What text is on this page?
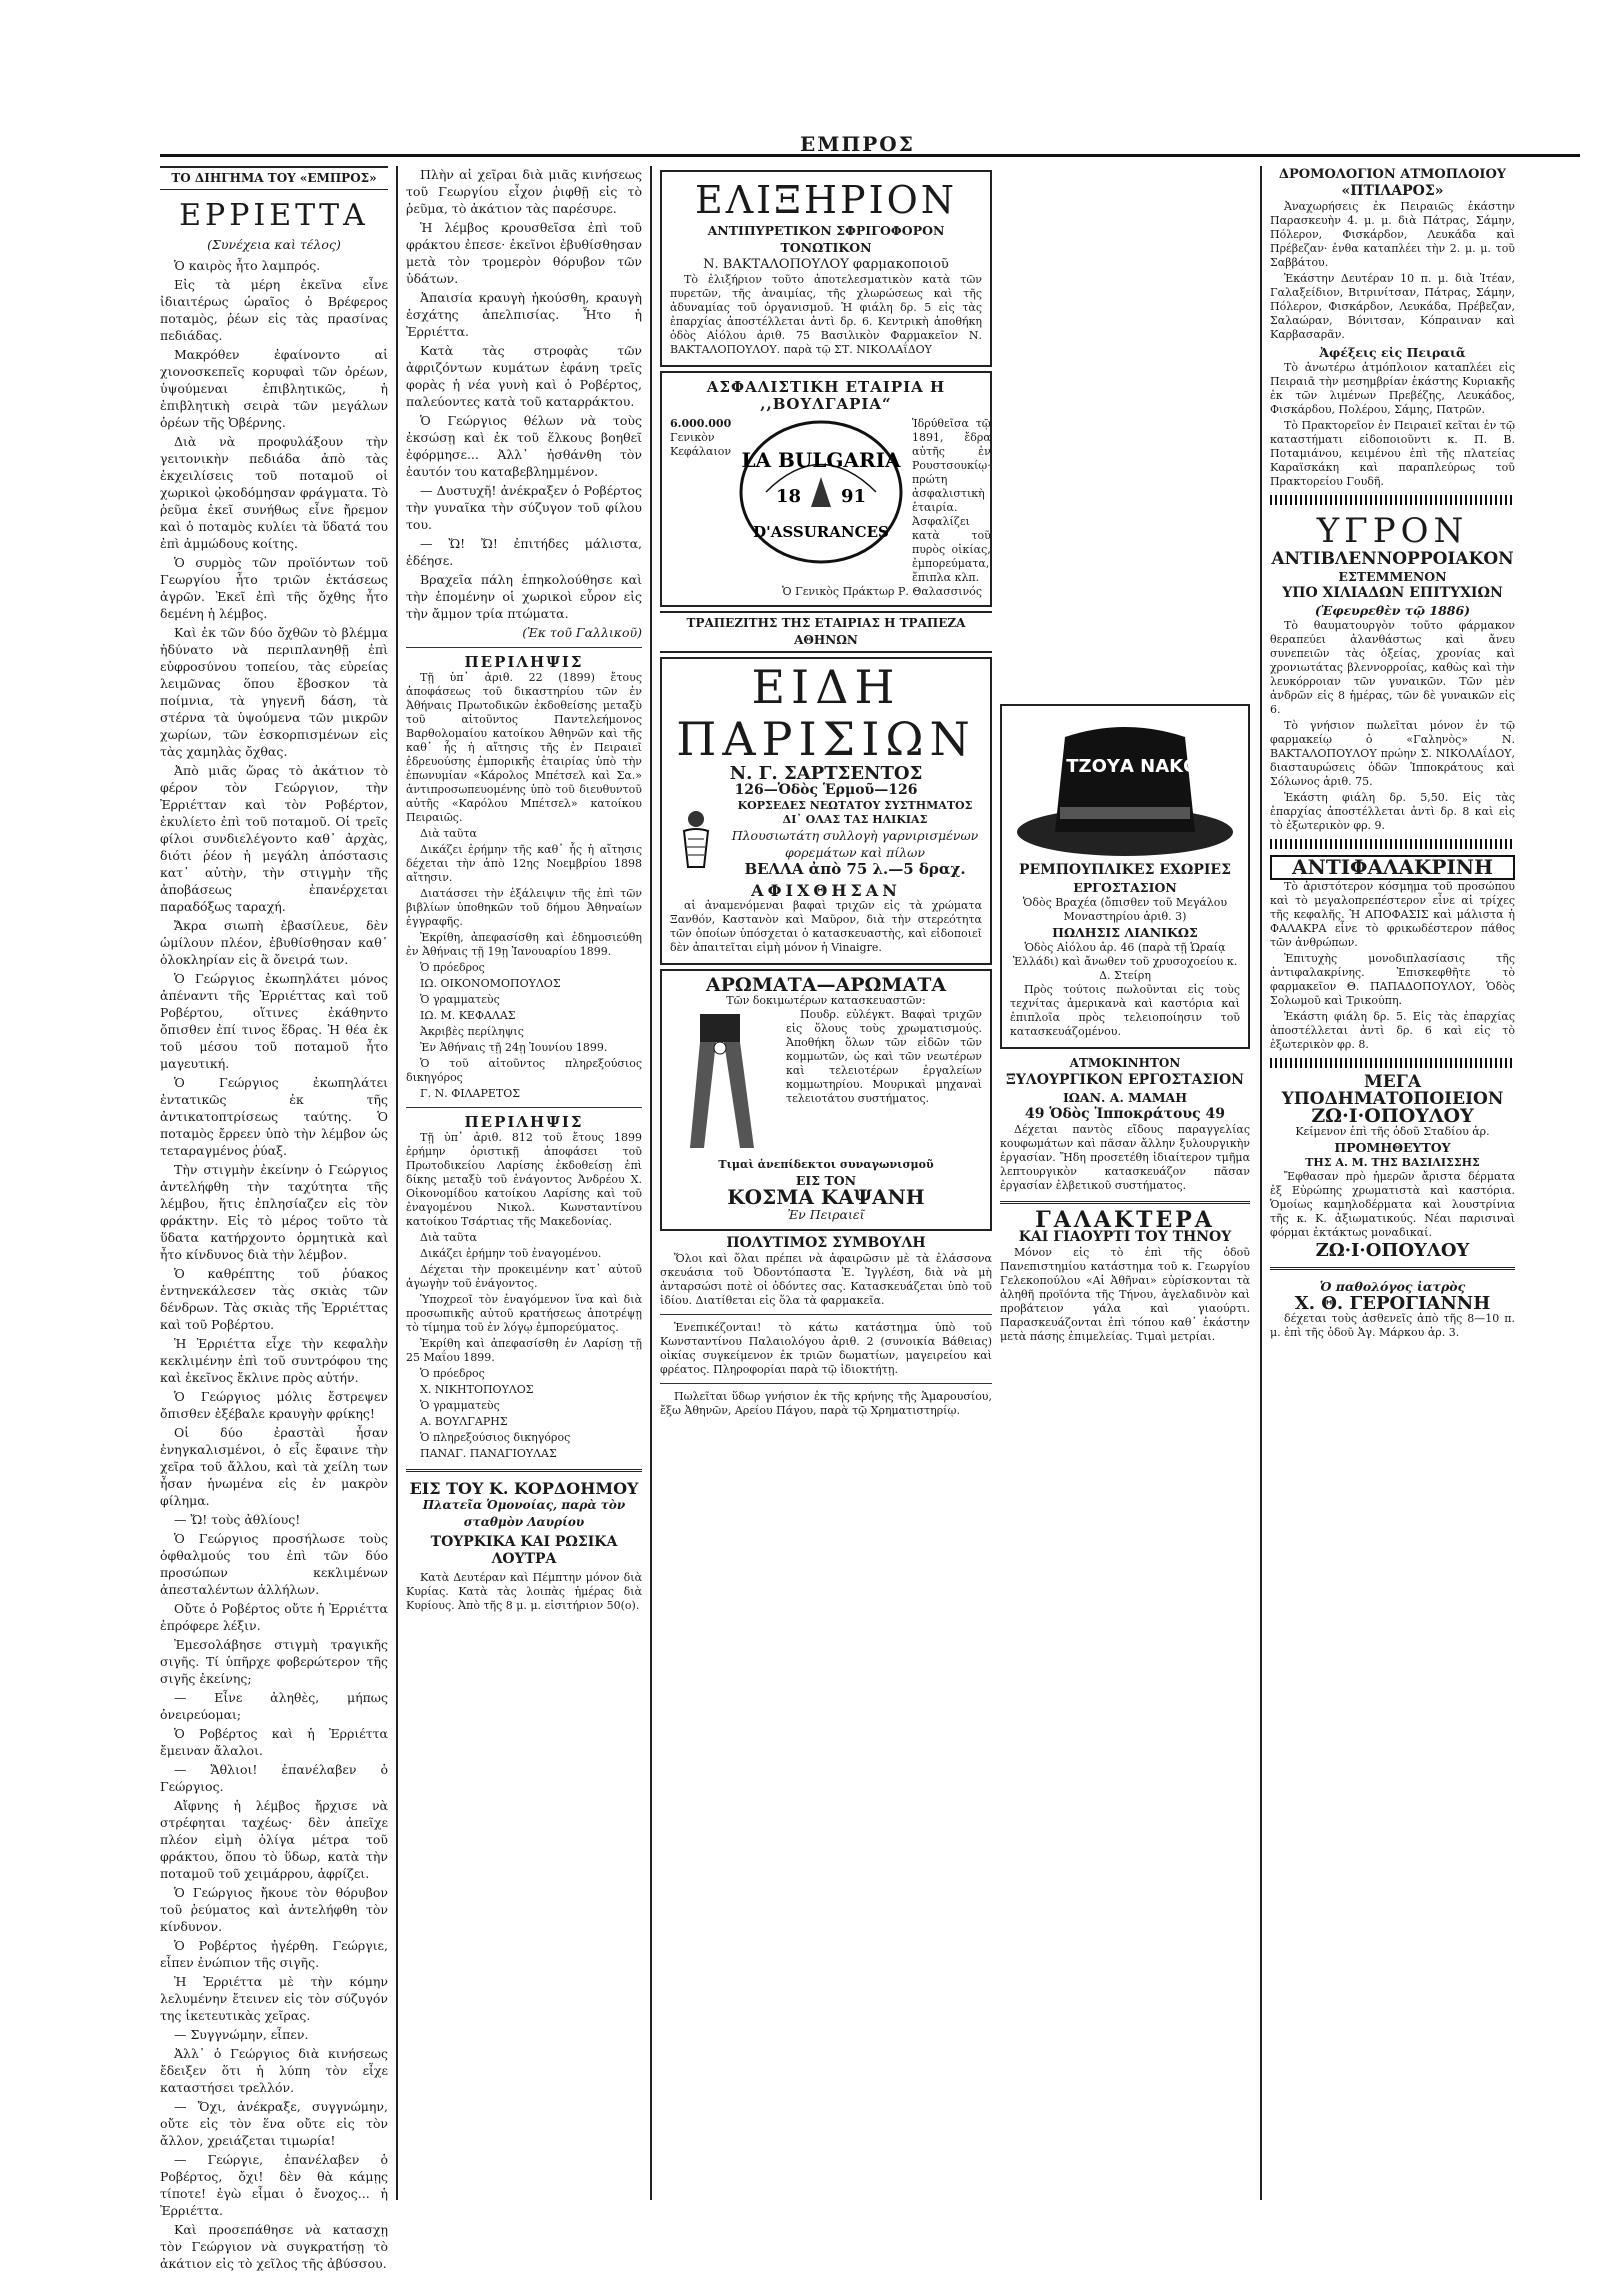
ΕΜΠΡΟΣ
ΤΟ ΔΙΗΓΗΜΑ ΤΟΥ «ΕΜΠΡΟΣ»
ΕΡΡΙΕΤΤΑ
(Συνέχεια καὶ τέλος)

Ὁ καιρὸς ἦτο λαμπρός.

Εἰς τὰ μέρη ἐκεῖνα εἶνε ἰδιαιτέρως ὡραῖος ὁ Βρέφερος ποταμὸς, ῥέων εἰς τὰς πρασίνας πεδιάδας.

Μακρόθεν ἐφαίνοντο αἱ χιονοσκεπεῖς κορυφαὶ τῶν ὀρέων, ὑψούμεναι ἐπιβλητικῶς, ἡ ἐπιβλητικὴ σειρὰ τῶν μεγάλων ὀρέων τῆς Ὀβέρνης.

Διὰ νὰ προφυλάξουν τὴν γειτονικὴν πεδιάδα ἀπὸ τὰς ἐκχειλίσεις τοῦ ποταμοῦ οἱ χωρικοὶ ᾠκοδόμησαν φράγματα. Τὸ ῥεῦμα ἐκεῖ συνήθως εἶνε ἤρεμον καὶ ὁ ποταμὸς κυλίει τὰ ὕδατά του ἐπὶ ἀμμώδους κοίτης.

Ὁ συρμὸς τῶν προϊόντων τοῦ Γεωργίου ἦτο τριῶν ἐκτάσεως ἀγρῶν. Ἐκεῖ ἐπὶ τῆς ὄχθης ἦτο δεμένη ἡ λέμβος.

Καὶ ἐκ τῶν δύο ὄχθῶν τὸ βλέμμα ἠδύνατο νὰ περιπλανηθῇ ἐπὶ εὐφροσύνου τοπείου, τὰς εὐρείας λειμῶνας ὅπου ἔβοσκον τὰ ποίμνια, τὰ γηγενῆ δάση, τὰ στέρνα τὰ ὑψούμενα τῶν μικρῶν χωρίων, τῶν ἐσκορπισμένων εἰς τὰς χαμηλὰς ὄχθας.

Ἀπὸ μιᾶς ὥρας τὸ ἀκάτιον τὸ φέρον τὸν Γεώργιον, τὴν Ἐρριέτταν καὶ τὸν Ροβέρτον, ἐκυλίετο ἐπὶ τοῦ ποταμοῦ. Οἱ τρεῖς φίλοι συνδιελέγοντο καθ᾿ ἀρχὰς, διότι ῥέον ἡ μεγάλη ἀπόστασις κατ᾿ αὐτὴν, τὴν στιγμὴν τῆς ἀποβάσεως ἐπανέρχεται παραδόξως ταραχή.

Ἄκρα σιωπὴ ἐβασίλευε, δὲν ὡμίλουν πλέον, ἐβυθίσθησαν καθ᾿ ὁλοκληρίαν εἰς ἃ ὄνειρά των.

Ὁ Γεώργιος ἐκωπηλάτει μόνος ἀπέναντι τῆς Ἐρριέττας καὶ τοῦ Ροβέρτου, οἵτινες ἐκάθηντο ὄπισθεν ἐπί τινος ἕδρας. Ἡ θέα ἐκ τοῦ μέσου τοῦ ποταμοῦ ἦτο μαγευτική.

Ὁ Γεώργιος ἐκωπηλάτει ἐντατικῶς ἐκ τῆς ἀντικατοπτρίσεως ταύτης. Ὁ ποταμὸς ἔρρεεν ὑπὸ τὴν λέμβον ὡς τεταραγμένος ῥύαξ.

Τὴν στιγμὴν ἐκείνην ὁ Γεώργιος ἀντελήφθη τὴν ταχύτητα τῆς λέμβου, ἥτις ἐπλησίαζεν εἰς τὸν φράκτην. Εἰς τὸ μέρος τοῦτο τὰ ὕδατα κατήρχοντο ὁρμητικὰ καὶ ἦτο κίνδυνος διὰ τὴν λέμβον.

Ὁ καθρέπτης τοῦ ῥύακος ἐντηνεκάλεσεν τὰς σκιὰς τῶν δένδρων. Τὰς σκιὰς τῆς Ἐρριέττας καὶ τοῦ Ροβέρτου.

Ἡ Ἐρριέττα εἶχε τὴν κεφαλὴν κεκλιμένην ἐπὶ τοῦ συντρόφου της καὶ ἐκεῖνος ἔκλινε πρὸς αὐτήν.

Ὁ Γεώργιος μόλις ἔστρεψεν ὄπισθεν ἐξέβαλε κραυγὴν φρίκης!

Οἱ δύο ἐραστὰὶ ἦσαν ἐνηγκαλισμένοι, ὁ εἷς ἔφαινε τὴν χεῖρα τοῦ ἄλλου, καὶ τὰ χείλη των ἦσαν ἡνωμένα εἰς ἐν μακρὸν φίλημα.

— Ὤ! τοὺς ἀθλίους!

Ὁ Γεώργιος προσήλωσε τοὺς ὀφθαλμούς του ἐπὶ τῶν δύο προσώπων κεκλιμένων ἀπεσταλέντων ἀλλήλων.

Οὔτε ὁ Ροβέρτος οὔτε ἡ Ἐρριέττα ἐπρόφερε λέξιν.

Ἐμεσολάβησε στιγμὴ τραγικῆς σιγῆς. Τί ὑπῆρχε φοβερώτερον τῆς σιγῆς ἐκείνης;

— Εἶνε ἀληθὲς, μήπως ὀνειρεύομαι;

Ὁ Ροβέρτος καὶ ἡ Ἐρριέττα ἔμειναν ἄλαλοι.

— Ἄθλιοι! ἐπανέλαβεν ὁ Γεώργιος.

Αἴφνης ἡ λέμβος ἤρχισε νὰ στρέφηται ταχέως· δὲν ἀπεῖχε πλέον εἰμὴ ὀλίγα μέτρα τοῦ φράκτου, ὅπου τὸ ὕδωρ, κατὰ τὴν ποταμοῦ τοῦ χειμάρρου, ἀφρίζει.

Ὁ Γεώργιος ἤκουε τὸν θόρυβον τοῦ ῥεύματος καὶ ἀντελήφθη τὸν κίνδυνον.

Ὁ Ροβέρτος ἠγέρθη. Γεώργιε, εἶπεν ἐνώπιον τῆς σιγῆς.

Ἡ Ἐρριέττα μὲ τὴν κόμην λελυμένην ἔτεινεν εἰς τὸν σύζυγόν της ἱκετευτικὰς χεῖρας.

— Συγγνώμην, εἶπεν.

Ἀλλ᾿ ὁ Γεώργιος διὰ κινήσεως ἔδειξεν ὅτι ἡ λύπη τὸν εἶχε καταστήσει τρελλόν.

— Ὄχι, ἀνέκραξε, συγγνώμην, οὔτε εἰς τὸν ἕνα οὔτε εἰς τὸν ἄλλον, χρειάζεται τιμωρία!

— Γεώργιε, ἐπανέλαβεν ὁ Ροβέρτος, ὄχι! δὲν θὰ κάμῃς τίποτε! ἐγὼ εἶμαι ὁ ἔνοχος... ἡ Ἐρριέττα.

Καὶ προσεπάθησε νὰ κατασχῃ τὸν Γεώργιον νὰ συγκρατήσῃ τὸ ἀκάτιον εἰς τὸ χεῖλος τῆς ἀβύσσου.

Πλὴν αἱ χεῖραι διὰ μιᾶς κινήσεως τοῦ Γεωργίου εἶχον ῥιφθῇ εἰς τὸ ῥεῦμα, τὸ ἀκάτιον τὰς παρέσυρε.

Ἡ λέμβος κρουσθεῖσα ἐπὶ τοῦ φράκτου ἐπεσε· ἐκεῖνοι ἐβυθίσθησαν μετὰ τὸν τρομερὸν θόρυβον τῶν ὑδάτων.

Ἀπαισία κραυγὴ ἠκούσθη, κραυγὴ ἐσχάτης ἀπελπισίας. Ἦτο ἡ Ἐρριέττα.

Κατὰ τὰς στροφὰς τῶν ἀφριζόντων κυμάτων ἐφάνη τρεῖς φορὰς ἡ νέα γυνὴ καὶ ὁ Ροβέρτος, παλεύοντες κατὰ τοῦ καταρράκτου.

Ὁ Γεώργιος θέλων νὰ τοὺς ἐκσώσῃ καὶ ἐκ τοῦ ἕλκους βοηθεῖ ἐφόρμησε... Ἀλλ᾿ ἠσθάνθη τὸν ἑαυτόν του καταβεβλημμένον.

— Δυστυχῆ! ἀνέκραξεν ὁ Ροβέρτος τὴν γυναῖκα τὴν σύζυγον τοῦ φίλου του.

— Ὤ! Ὤ! ἐπιτήδες μάλιστα, ἐδέησε.

Βραχεῖα πάλη ἐπηκολούθησε καὶ τὴν ἑπομένην οἱ χωρικοὶ εὗρον εἰς τὴν ἄμμον τρία πτώματα.

(Ἐκ τοῦ Γαλλικοῦ)
ΠΕΡΙΛΗΨΙΣ

Τῇ ὑπ᾿ ἀριθ. 22 (1899) ἔτους ἀποφάσεως τοῦ δικαστηρίου τῶν ἐν Ἀθήναις Πρωτοδικῶν ἐκδοθείσης μεταξὺ τοῦ αἰτοῦντος Παντελεήμονος Βαρθολομαίου κατοίκου Ἀθηνῶν καὶ τῆς καθ᾿ ἧς ἡ αἴτησις τῆς ἐν Πειραιεῖ ἐδρευούσης ἐμπορικῆς ἑταιρίας ὑπὸ τὴν ἐπωνυμίαν «Κάρολος Μπέτσελ καὶ Σα.» ἀντιπροσωπευομένης ὑπὸ τοῦ διευθυντοῦ αὐτῆς «Καρόλου Μπέτσελ» κατοίκου Πειραιῶς.

Διὰ ταῦτα

Δικάζει ἐρήμην τῆς καθ᾿ ἧς ἡ αἴτησις δέχεται τὴν ἀπὸ 12ης Νοεμβρίου 1898 αἴτησιν.

Διατάσσει τὴν ἐξάλειψιν τῆς ἐπὶ τῶν βιβλίων ὑποθηκῶν τοῦ δήμου Ἀθηναίων ἐγγραφῆς.

Ἐκρίθη, ἀπεφασίσθη καὶ ἐδημοσιεύθη ἐν Ἀθήναις τῇ 19ῃ Ἰανουαρίου 1899.

Ὁ πρόεδρος

ΙΩ. ΟΙΚΟΝΟΜΟΠΟΥΛΟΣ

Ὁ γραμματεὺς

ΙΩ. Μ. ΚΕΦΑΛΑΣ

Ἀκριβὲς περίληψις

Ἐν Ἀθήναις τῇ 24ῃ Ἰουνίου 1899.

Ὁ τοῦ αἰτοῦντος πληρεξούσιος δικηγόρος

Γ. Ν. ΦΙΛΑΡΕΤΟΣ

ΠΕΡΙΛΗΨΙΣ

Τῇ ὑπ᾿ ἀριθ. 812 τοῦ ἔτους 1899 ἐρήμην ὁριστικῇ ἀποφάσει τοῦ Πρωτοδικείου Λαρίσης ἐκδοθείσῃ ἐπὶ δίκης μεταξὺ τοῦ ἐνάγοντος Ἀνδρέου Χ. Οἰκονομίδου κατοίκου Λαρίσης καὶ τοῦ ἐναγομένου Νικολ. Κωνσταντίνου κατοίκου Τσάρτιας τῆς Μακεδονίας.

Διὰ ταῦτα

Δικάζει ἐρήμην τοῦ ἐναγομένου.

Δέχεται τὴν προκειμένην κατ᾿ αὐτοῦ ἀγωγὴν τοῦ ἐνάγοντος.

Ὑποχρεοῖ τὸν ἐναγόμενον ἵνα καὶ διὰ προσωπικῆς αὐτοῦ κρατήσεως ἀποτρέψῃ τὸ τίμημα τοῦ ἐν λόγῳ ἐμπορεύματος.

Ἐκρίθη καὶ ἀπεφασίσθη ἐν Λαρίσῃ τῇ 25 Μαΐου 1899.

Ὁ πρόεδρος

Χ. ΝΙΚΗΤΟΠΟΥΛΟΣ

Ὁ γραμματεὺς

Α. ΒΟΥΛΓΑΡΗΣ

Ὁ πληρεξούσιος δικηγόρος

ΠΑΝΑΓ. ΠΑΝΑΓΙΟΥΛΑΣ

ΕΙΣ ΤΟΥ Κ. ΚΟΡΔΟΗΜΟΥ
Πλατεῖα Ὁμονοίας, παρὰ τὸν σταθμὸν Λαυρίου
ΤΟΥΡΚΙΚΑ ΚΑΙ ΡΩΣΙΚΑ ΛΟΥΤΡΑ

Κατὰ Δευτέραν καὶ Πέμπτην μόνον διὰ Κυρίας. Κατὰ τὰς λοιπὰς ἡμέρας διὰ Κυρίους. Ἀπὸ τῆς 8 μ. μ. εἰσιτήριον 50(ο).

ΕΛΙΞΗΡΙΟΝ
ΑΝΤΙΠΥΡΕΤΙΚΟΝ ΣΦΡΙΓΟΦΟΡΟΝ ΤΟΝΩΤΙΚΟΝ
Ν. ΒΑΚΤΑΛΟΠΟΥΛΟΥ φαρμακοποιοῦ

Τὸ ἐλιξήριον τοῦτο ἀποτελεσματικὸν κατὰ τῶν πυρετῶν, τῆς ἀναιμίας, τῆς χλωρώσεως καὶ τῆς ἀδυναμίας τοῦ ὀργανισμοῦ. Ἡ φιάλη δρ. 5 εἰς τὰς ἐπαρχίας ἀποστέλλεται ἀντὶ δρ. 6. Κεντρικὴ ἀποθήκη ὁδὸς Αἰόλου ἀριθ. 75 Βασιλικὸν Φαρμακεῖον Ν. ΒΑΚΤΑΛΟΠΟΥΛΟΥ. παρὰ τῷ ΣΤ. ΝΙΚΟΛΑΐΔΟΥ

ΑΣΦΑΛΙΣΤΙΚΗ ΕΤΑΙΡΙΑ Η ,,ΒΟΥΛΓΑΡΙΑ“
6.000.000
Γενικὸν Κεφάλαιον LA BULGARIA
18 91
D'ASSURANCES
Ἱδρύθεῖσα τῷ 1891, ἔδρα αὐτῆς ἐν Ρουστσουκίῳ· πρώτη ἀσφαλιστικὴ ἑταιρία. Ἀσφαλίζει κατὰ τοῦ πυρὸς οἰκίας, ἐμπορεύματα, ἔπιπλα κλπ.
Ὁ Γενικὸς Πράκτωρ Ρ. Θαλασσινός
ΤΡΑΠΕΖΙΤΗΣ ΤΗΣ ΕΤΑΙΡΙΑΣ Η ΤΡΑΠΕΖΑ ΑΘΗΝΩΝ
ΕΙΔΗ ΠΑΡΙΣΙΩΝ
Ν. Γ. ΣΑΡΤΣΕΝΤΟΣ
126—Ὁδὸς Ἑρμοῦ—126
ΚΟΡΣΕΔΕΣ ΝΕΩΤΑΤΟΥ ΣΥΣΤΗΜΑΤΟΣ ΔΙ᾿ ΟΛΑΣ ΤΑΣ ΗΛΙΚΙΑΣ
Πλουσιωτάτη συλλογὴ γαρνιρισμένων φορεμάτων καὶ πίλων
ΒΕΛΛΑ ἀπὸ 75 λ.—5 δραχ.
ΑΦΙΧΘΗΣΑΝ

αἱ ἀναμενόμεναι βαφαὶ τριχῶν εἰς τὰ χρώματα Ξανθόν, Καστανὸν καὶ Μαῦρον, διὰ τὴν στερεότητα τῶν ὁποίων ὑπόσχεται ὁ κατασκευαστὴς, καὶ εἰδοποιεῖ δὲν ἀπαιτεῖται εἰμὴ μόνον ἡ Vinaigre.

ΑΡΩΜΑΤΑ—ΑΡΩΜΑΤΑ
Τῶν δοκιμωτέρων κατασκευαστῶν:

Πουδρ. εὐλέγκτ. Βαφαὶ τριχῶν εἰς ὅλους τοὺς χρωματισμούς. Ἀποθήκη ὅλων τῶν εἰδῶν τῶν κομμωτῶν, ὡς καὶ τῶν νεωτέρων καὶ τελειοτέρων ἐργαλείων κομμωτηρίου. Μουρικαὶ μηχαναὶ τελειοτάτου συστήματος.

Τιμαὶ ἀνεπίδεκτοι συναγωνισμοῦ
ΕΙΣ ΤΟΝ
ΚΟΣΜΑ ΚΑΨΑΝΗ
Ἐν Πειραιεῖ
ΠΟΛΥΤΙΜΟΣ ΣΥΜΒΟΥΛΗ

Ὅλοι καὶ ὅλαι πρέπει νὰ ἀφαιρῶσιν μὲ τὰ ἐλάσσονα σκευάσια τοῦ Ὀδοντόπαστα Ἐ. Ἰγγλέση, διὰ νὰ μὴ ἀνταρσώσι ποτὲ οἱ ὀδόντες σας. Κατασκευάζεται ὑπὸ τοῦ ἰδίου. Διατίθεται εἰς ὅλα τὰ φαρμακεῖα.

Ἐνεπικέζονται! τὸ κάτω κατάστημα ὑπὸ τοῦ Κωνσταντίνου Παλαιολόγου ἀριθ. 2 (συνοικία Βάθειας) οἰκίας συγκείμενον ἐκ τριῶν δωματίων, μαγειρείου καὶ φρέατος. Πληροφορίαι παρὰ τῷ ἰδιοκτήτῃ.

Πωλεῖται ὕδωρ γνήσιον ἐκ τῆς κρήνης τῆς Ἁμαρουσίου, ἔξω Ἀθηνῶν, Αρείου Πάγου, παρὰ τῷ Χρηματιστηρίῳ.

Χ. ΤΖΟΥΑ ΝΑΚΟΣ
ΡΕΜΠΟΥΠΛΙΚΕΣ ΕΧΩΡΙΕΣ
ΕΡΓΟΣΤΑΣΙΟΝ
Ὁδὸς Βραχέα (ὄπισθεν τοῦ Μεγάλου Μοναστηρίου ἀριθ. 3)
ΠΩΛΗΣΙΣ ΛΙΑΝΙΚΩΣ
Ὁδὸς Αἰόλου ἀρ. 46 (παρὰ τῇ Ὡραίᾳ Ἑλλάδι) καὶ ἄνωθεν τοῦ χρυσοχοείου κ. Δ. Στείρη

Πρὸς τούτοις πωλοῦνται εἰς τοὺς τεχνίτας ἀμερικανὰ καὶ καστόρια καὶ ἐπιπλοῖα πρὸς τελειοποίησιν τοῦ κατασκευάζομένου.

ΑΤΜΟΚΙΝΗΤΟΝ
ΞΥΛΟΥΡΓΙΚΟΝ ΕΡΓΟΣΤΑΣΙΟΝ
ΙΩΑΝ. Α. ΜΑΜΑΗ
49 Ὁδὸς Ἱπποκράτους 49

Δέχεται παντὸς εἴδους παραγγελίας κουφωμάτων καὶ πᾶσαν ἄλλην ξυλουργικὴν ἐργασίαν. Ἤδη προσετέθη ἰδιαίτερον τμῆμα λεπτουργικὸν κατασκευάζον πᾶσαν ἐργασίαν ἐλβετικοῦ συστήματος.

ΓΑΛΑΚΤΕΡΑ
ΚΑΙ ΓΙΑΟΥΡΤΙ ΤΟΥ ΤΗΝΟΥ

Μόνον εἰς τὸ ἐπὶ τῆς ὁδοῦ Πανεπιστημίου κατάστημα τοῦ κ. Γεωργίου Γελεκοπούλου «Αἱ Ἀθῆναι» εὑρίσκονται τὰ ἀληθῆ προϊόντα τῆς Τήνου, ἀγελαδινὸν καὶ προβάτειον γάλα καὶ γιαούρτι. Παρασκευάζονται ἐπὶ τόπου καθ᾿ ἑκάστην μετὰ πάσης ἐπιμελείας. Τιμαὶ μετρίαι.

ΔΡΟΜΟΛΟΓΙΟΝ ΑΤΜΟΠΛΟΙΟΥ
«ΠΤΙΛΑΡΟΣ»

Ἀναχωρήσεις ἐκ Πειραιῶς ἑκάστην Παρασκευὴν 4. μ. μ. διὰ Πάτρας, Σάμην, Πόλερον, Φισκάρδον, Λευκάδα καὶ Πρέβεζαν· ἐνθα καταπλέει τὴν 2. μ. μ. τοῦ Σαββάτου.

Ἑκάστην Δευτέραν 10 π. μ. διὰ Ἰτέαν, Γαλαξείδιον, Βιτρινίτσαν, Πάτρας, Σάμην, Πόλερον, Φισκάρδον, Λευκάδα, Πρέβεζαν, Σαλαώραν, Βόνιτσαν, Κόπραιναν καὶ Καρβασαρᾶν.

Ἀφέξεις εἰς Πειραιᾶ

Τὸ ἀνωτέρω ἀτμόπλοιον καταπλέει εἰς Πειραιᾶ τὴν μεσημβρίαν ἑκάστης Κυριακῆς ἐκ τῶν λιμένων Πρεβέζης, Λευκάδος, Φισκάρδου, Πολέρου, Σάμης, Πατρῶν.

Τὸ Πρακτορεῖον ἐν Πειραιεῖ κεῖται ἐν τῷ καταστήματι εἰδοποιοῦντι κ. Π. Β. Ποταμιάνου, κειμένου ἐπὶ τῆς πλατείας Καραϊσκάκη καὶ παραπλεύρως τοῦ Πρακτορείου Γουδῆ.

ΥΓΡΟΝ
ΑΝΤΙΒΛΕΝΝΟΡΡΟΙΑΚΟΝ
ΕΣΤΕΜΜΕΝΟΝ
ΥΠΟ ΧΙΛΙΑΔΩΝ ΕΠΙΤΥΧΙΩΝ
(Ἐφευρεθὲν τῷ 1886)

Τὸ θαυματουργὸν τοῦτο φάρμακον θεραπεύει ἀλανθάστως καὶ ἄνευ συνεπειῶν τὰς ὀξείας, χρονίας καὶ χρονιωτάτας βλεννορροίας, καθὼς καὶ τὴν λευκόρροιαν τῶν γυναικῶν. Τῶν μὲν ἀνδρῶν εἰς 8 ἡμέρας, τῶν δὲ γυναικῶν εἰς 6.

Τὸ γνήσιον πωλεῖται μόνον ἐν τῷ φαρμακείῳ ὁ «Γαληνὸς» Ν. ΒΑΚΤΑΛΟΠΟΥΛΟΥ πρώην Σ. ΝΙΚΟΛΑΐΔΟΥ, διασταυρώσεις ὁδῶν Ἱπποκράτους καὶ Σόλωνος ἀριθ. 75.

Ἑκάστη φιάλη δρ. 5,50. Εἰς τὰς ἐπαρχίας ἀποστέλλεται ἀντὶ δρ. 8 καὶ εἰς τὸ ἐξωτερικὸν φρ. 9.

ΑΝΤΙΦΑΛΑΚΡΙΝΗ

Τὸ ἀριστότερον κόσμημα τοῦ προσώπου καὶ τὸ μεγαλοπρεπέστερον εἶνε αἱ τρίχες τῆς κεφαλῆς. Ἡ ΑΠΟΦΑΣΙΣ καὶ μάλιστα ἡ ΦΑΛΑΚΡΑ εἶνε τὸ φρικωδέστερον πάθος τῶν ἀνθρώπων.

Ἐπιτυχὴς μονοδιπλασίασις τῆς ἀντιφαλακρίνης. Ἐπισκεφθῆτε τὸ φαρμακεῖον Θ. ΠΑΠΑΔΟΠΟΥΛΟΥ, Ὁδὸς Σολωμοῦ καὶ Τρικούπη.

Ἑκάστη φιάλη δρ. 5. Εἰς τὰς ἐπαρχίας ἀποστέλλεται ἀντὶ δρ. 6 καὶ εἰς τὸ ἐξωτερικὸν φρ. 8.

ΜΕΓΑ ΥΠΟΔΗΜΑΤΟΠΟΙΕΙΟΝ
ΖΩ·Ι·ΟΠΟΥΛΟΥ
Κείμενον ἐπὶ τῆς ὁδοῦ Σταδίου ἀρ.
ΠΡΟΜΗΘΕΥΤΟΥ
ΤΗΣ Α. Μ. ΤΗΣ ΒΑΣΙΛΙΣΣΗΣ

Ἔφθασαν πρὸ ἡμερῶν ἄριστα δέρματα ἐξ Εὐρώπης χρωματιστὰ καὶ καστόρια. Ὁμοίως καμηλοδέρματα καὶ λουστρίνια τῆς κ. Κ. ἀξιωματικούς. Νέαι παρισιναὶ φόρμαι ἐκτάκτως μοναδικαί.

ΖΩ·Ι·ΟΠΟΥΛΟΥ
Ὁ παθολόγος ἰατρὸς
Χ. Θ. ΓΕΡΟΓΙΑΝΝΗ

δέχεται τοὺς ἀσθενεῖς ἀπὸ τῆς 8—10 π. μ. ἐπὶ τῆς ὁδοῦ Ἀγ. Μάρκου ἀρ. 3.
